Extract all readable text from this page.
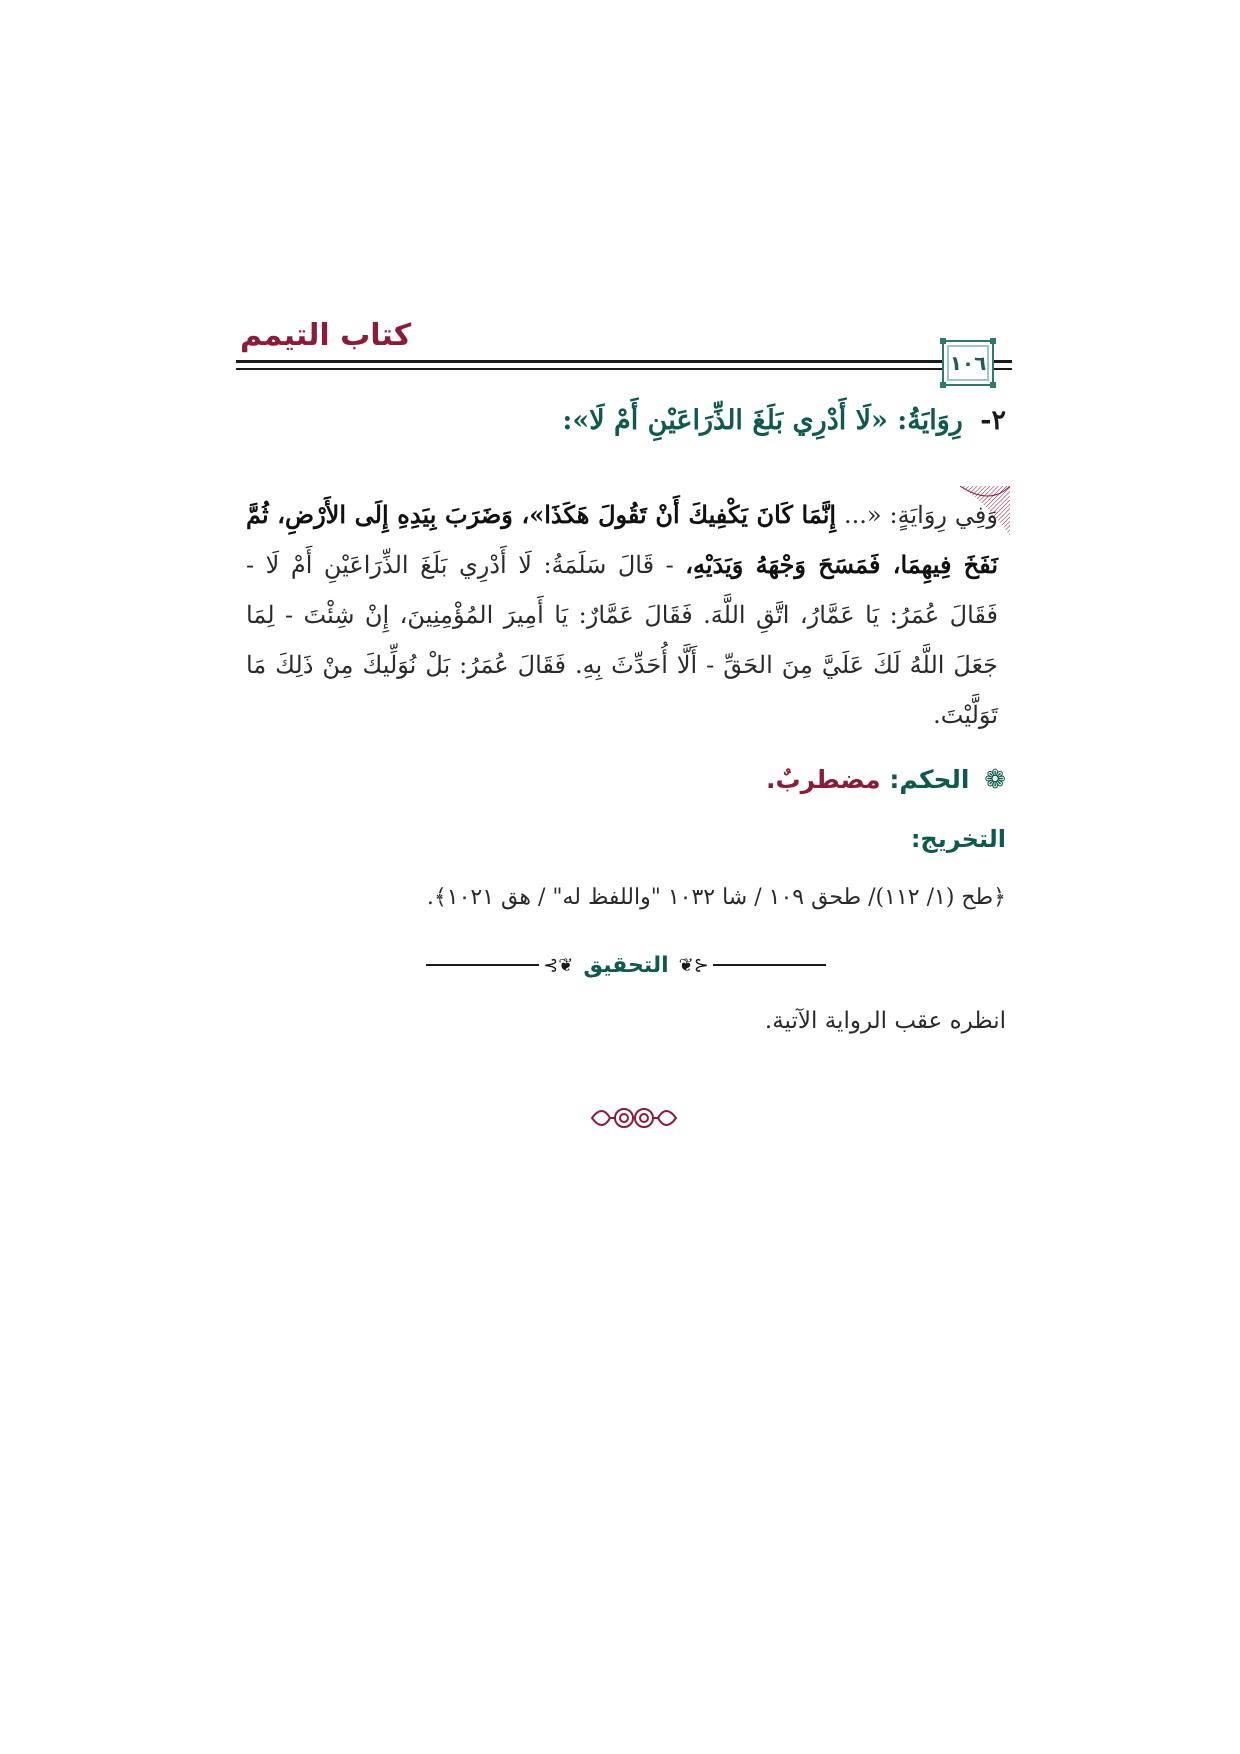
كتاب التيمم
١٠٦
٢- رِوَايَةُ: «لَا أَدْرِي بَلَغَ الذِّرَاعَيْنِ أَمْ لَا»:
وَفِي رِوَايَةٍ: «... إِنَّمَا كَانَ يَكْفِيكَ أَنْ تَقُولَ هَكَذَا»، وَضَرَبَ بِيَدِهِ إِلَى الأَرْضِ، ثُمَّ نَفَخَ فِيهِمَا، فَمَسَحَ وَجْهَهُ وَيَدَيْهِ، - قَالَ سَلَمَةُ: لَا أَدْرِي بَلَغَ الذِّرَاعَيْنِ أَمْ لَا - فَقَالَ عُمَرُ: يَا عَمَّارُ، اتَّقِ اللَّهَ. فَقَالَ عَمَّارٌ: يَا أَمِيرَ المُؤْمِنِينَ، إِنْ شِئْتَ - لِمَا جَعَلَ اللَّهُ لَكَ عَلَيَّ مِنَ الحَقِّ - أَلَّا أُحَدِّثَ بِهِ. فَقَالَ عُمَرُ: بَلْ نُوَلِّيكَ مِنْ ذَلِكَ مَا تَوَلَّيْتَ.
❁ الحكم: مضطربٌ.
التخريج:
﴿طح (١/ ١١٢)/ طحق ١٠٩ / شا ١٠٣٢ "واللفظ له" / هق ١٠٢١﴾.
⊰❦ التحقيق ❦⊱
انظره عقب الرواية الآتية.
